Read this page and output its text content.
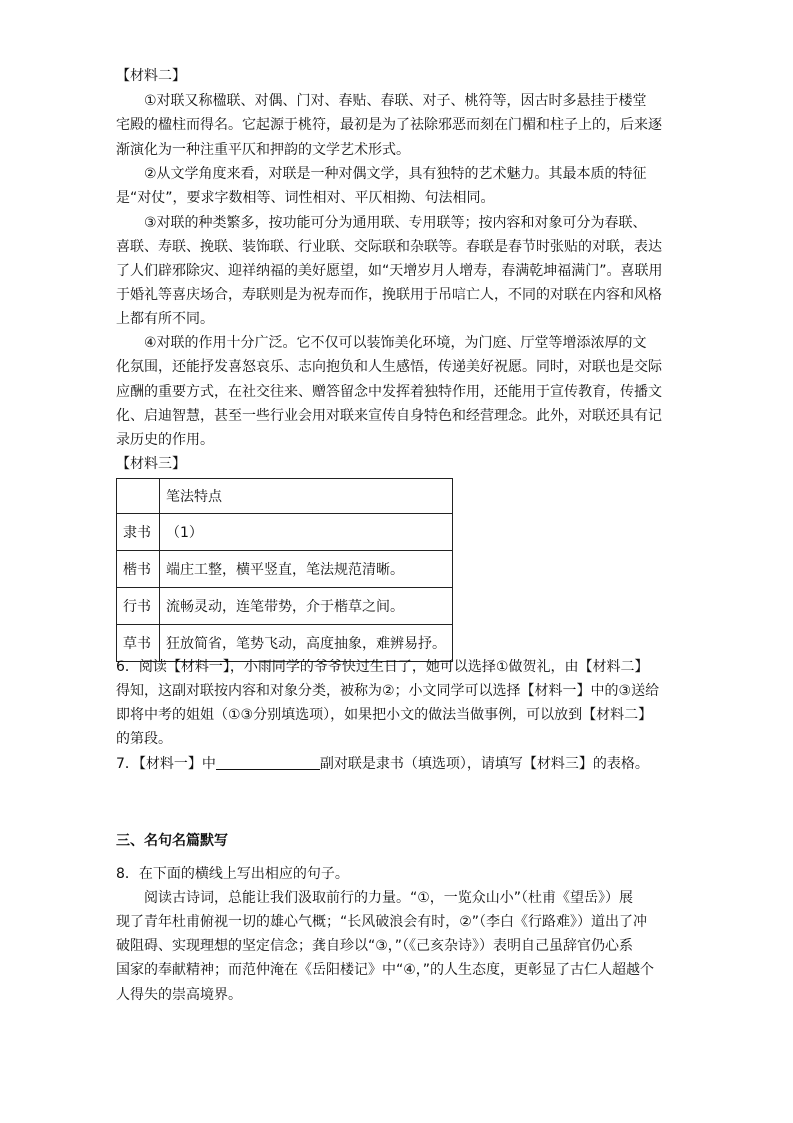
【材料二】
①对联又称楹联、对偶、门对、春贴、春联、对子、桃符等，因古时多悬挂于楼堂
宅殿的楹柱而得名。它起源于桃符，最初是为了祛除邪恶而刻在门楣和柱子上的，后来逐
渐演化为一种注重平仄和押韵的文学艺术形式。
②从文学角度来看，对联是一种对偶文学，具有独特的艺术魅力。其最本质的特征
是“对仗”，要求字数相等、词性相对、平仄相拗、句法相同。
③对联的种类繁多，按功能可分为通用联、专用联等；按内容和对象可分为春联、
喜联、寿联、挽联、装饰联、行业联、交际联和杂联等。春联是春节时张贴的对联，表达
了人们辟邪除灾、迎祥纳福的美好愿望，如“天增岁月人增寿，春满乾坤福满门”。喜联用
于婚礼等喜庆场合，寿联则是为祝寿而作，挽联用于吊唁亡人，不同的对联在内容和风格
上都有所不同。
④对联的作用十分广泛。它不仅可以装饰美化环境，为门庭、厅堂等增添浓厚的文
化氛围，还能抒发喜怒哀乐、志向抱负和人生感悟，传递美好祝愿。同时，对联也是交际
应酬的重要方式，在社交往来、赠答留念中发挥着独特作用，还能用于宣传教育，传播文
化、启迪智慧，甚至一些行业会用对联来宣传自身特色和经营理念。此外，对联还具有记
录历史的作用。
【材料三】
	笔法特点
隶书	（1）
楷书	端庄工整，横平竖直，笔法规范清晰。
行书	流畅灵动，连笔带势，介于楷草之间。
草书	狂放简省，笔势飞动，高度抽象，难辨易抒。
6．阅读【材料一】，小雨同学的爷爷快过生日了，她可以选择①做贺礼，由【材料二】
得知，这副对联按内容和对象分类，被称为②；小文同学可以选择【材料一】中的③送给
即将中考的姐姐（①③分别填选项），如果把小文的做法当做事例，可以放到【材料二】
的第段。
7．【材料一】中	副对联是隶书（填选项），请填写【材料三】的表格。
三、名句名篇默写
8．在下面的横线上写出相应的句子。
阅读古诗词，总能让我们汲取前行的力量。“①，一览众山小”（杜甫《望岳》）展
现了青年杜甫俯视一切的雄心气概；“长风破浪会有时，②”（李白《行路难》）道出了冲
破阻碍、实现理想的坚定信念；龚自珍以“③，”（《己亥杂诗》）表明自己虽辞官仍心系
国家的奉献精神；而范仲淹在《岳阳楼记》中“④，”的人生态度，更彰显了古仁人超越个
人得失的崇高境界。
